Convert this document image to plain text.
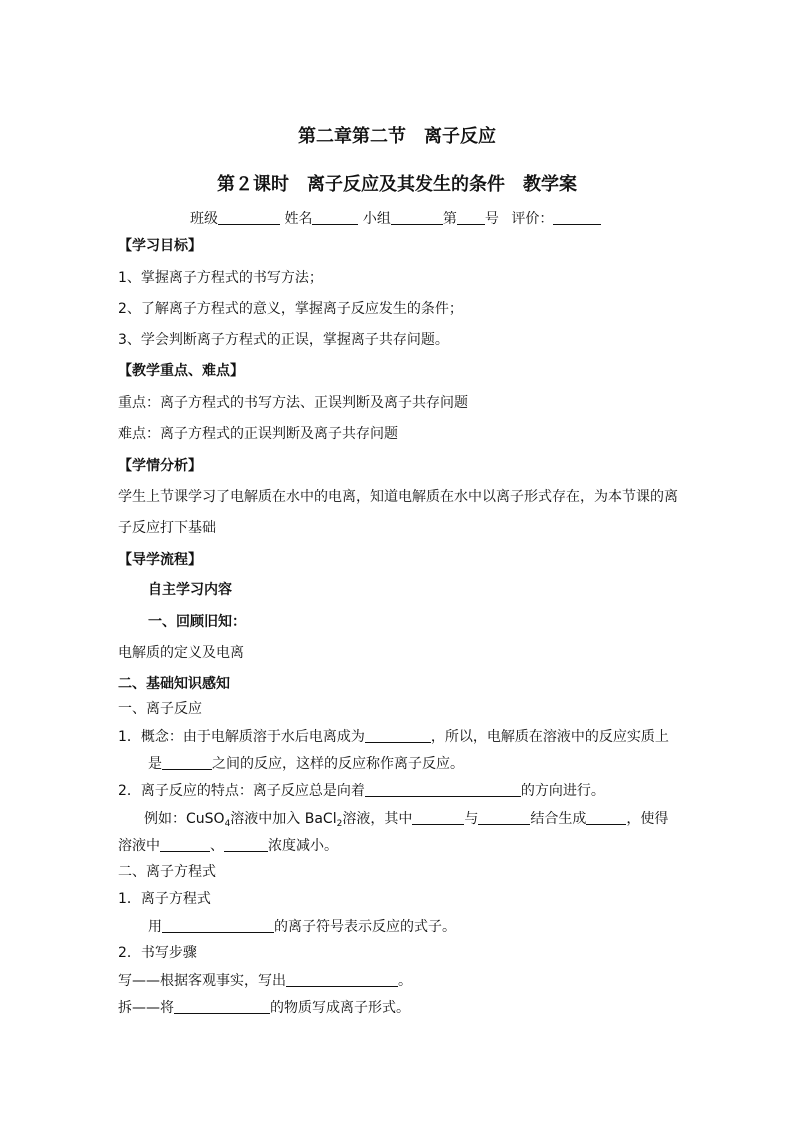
第二章第二节　离子反应
第２课时　离子反应及其发生的条件　教学案
班级	姓名	小组	第 号 评价：
【学习目标】
1、掌握离子方程式的书写方法；
2、了解离子方程式的意义，掌握离子反应发生的条件；
3、学会判断离子方程式的正误，掌握离子共存问题。
【教学重点、难点】
重点：离子方程式的书写方法、正误判断及离子共存问题
难点：离子方程式的正误判断及离子共存问题
【学情分析】
学生上节课学习了电解质在水中的电离，知道电解质在水中以离子形式存在，为本节课的离
子反应打下基础
【导学流程】
自主学习内容
一、回顾旧知：
电解质的定义及电离
二、基础知识感知
一、离子反应
1．概念：由于电解质溶于水后电离成为	，所以，电解质在溶液中的反应实质上
是	之间的反应，这样的反应称作离子反应。
2．离子反应的特点：离子反应总是向着	的方向进行。
例如：CuSO$_4$溶液中加入 BaCl$_2$溶液，其中	与	结合生成	，使得
溶液中	、	浓度减小。
二、离子方程式
1．离子方程式
用	的离子符号表示反应的式子。
2．书写步骤
写——根据客观事实，写出	。
拆——将	的物质写成离子形式。
